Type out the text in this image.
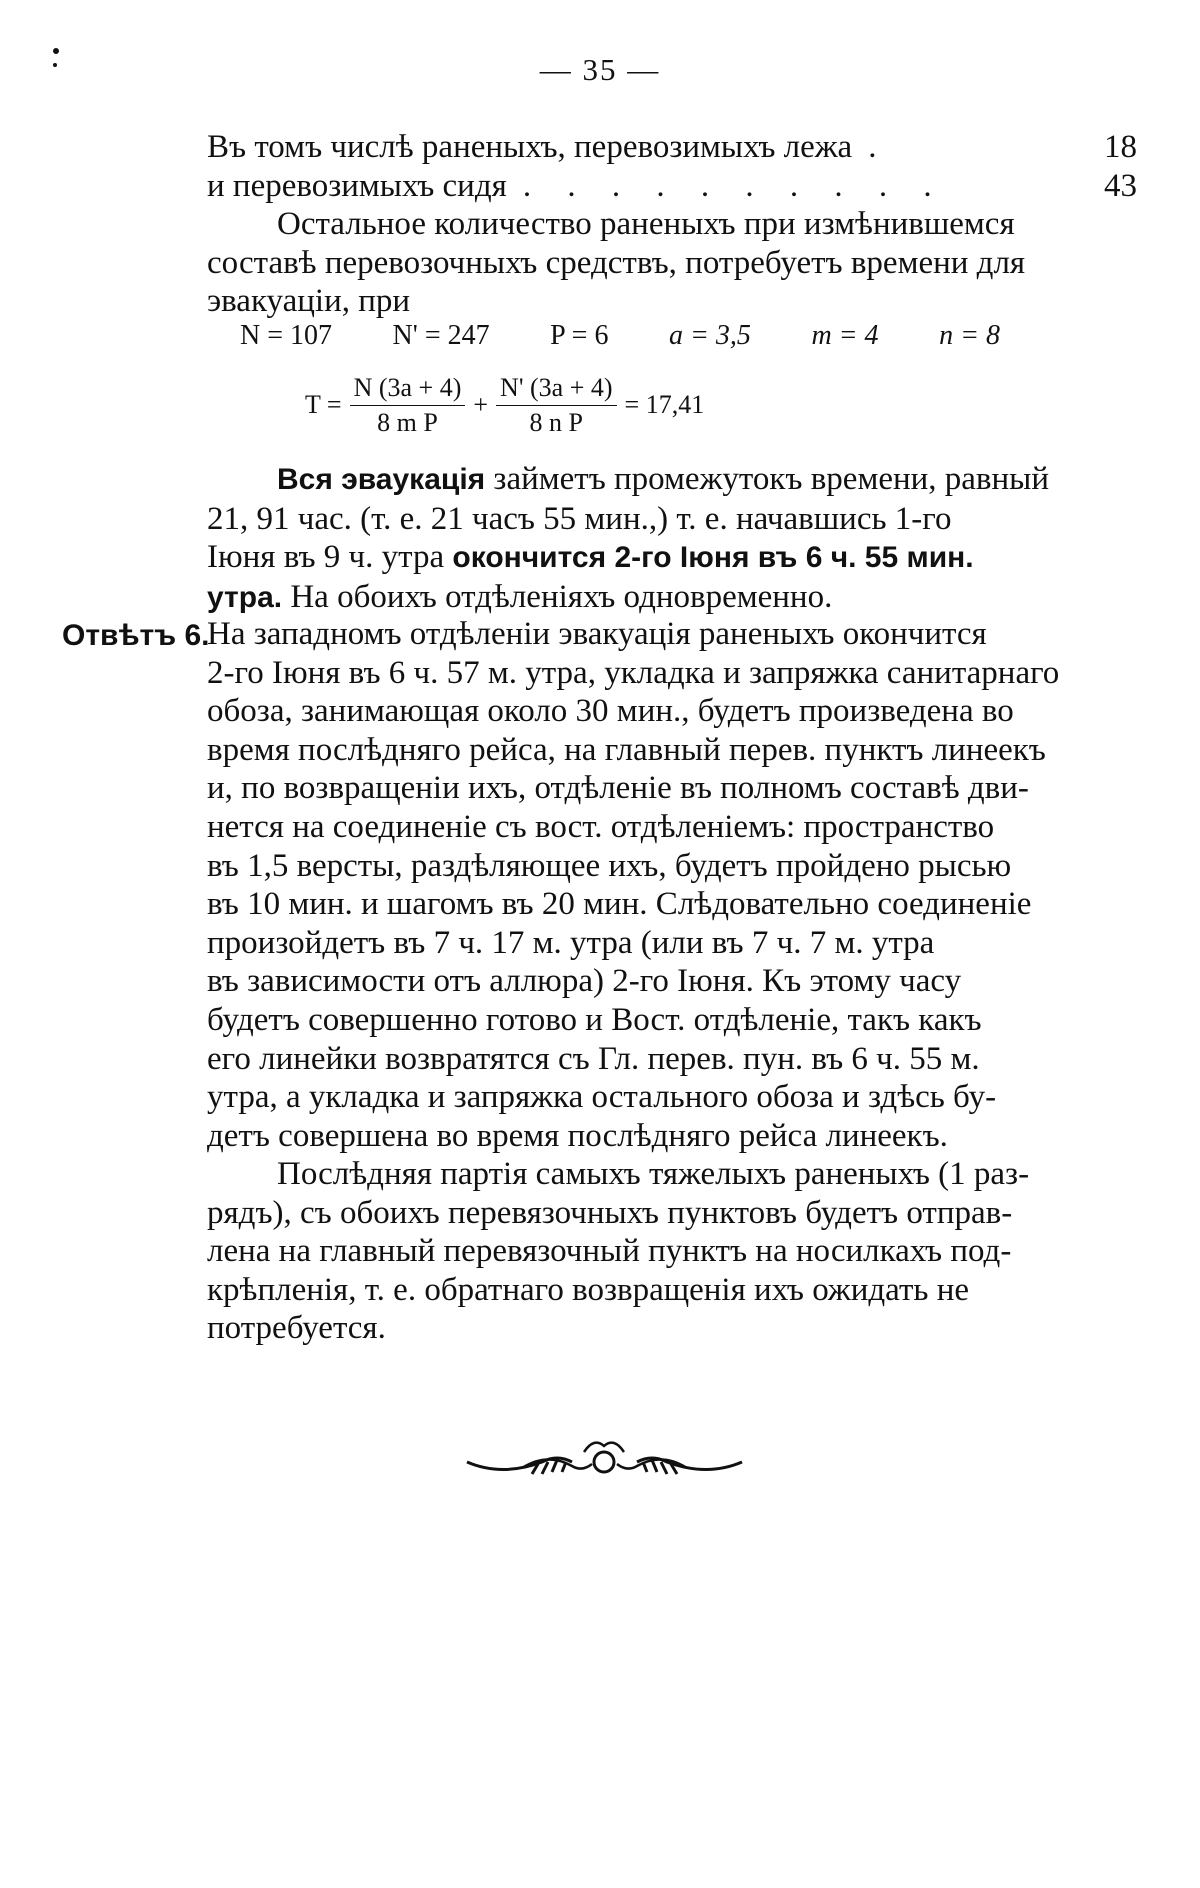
— 35 —
Въ томъ числѣ раненыхъ, перевозимыхъ лежа .	18
и перевозимыхъ сидя . . . . . . . . . .	43
Остальное количество раненыхъ при измѣнившемся
составѣ перевозочныхъ средствъ, потребуетъ времени для
эвакуаціи, при
N = 107 N' = 247 P = 6 a = 3,5 m = 4 n = 8
$T = \frac{N (3a + 4)}{\text{8 m P}} + \frac{N' (3a + 4)}{\text{8 n P}} = 17,41$
Вся эваукація займетъ промежутокъ времени, равный
21, 91 час. (т. е. 21 часъ 55 мин.,) т. е. начавшись 1-го
Іюня въ 9 ч. утра окончится 2-го Іюня въ 6 ч. 55 мин.
утра. На обоихъ отдѣленіяхъ одновременно.
Отвѣтъ 6.
На западномъ отдѣленіи эвакуація раненыхъ окончится
2-го Іюня въ 6 ч. 57 м. утра, укладка и запряжка санитарнаго
обоза, занимающая около 30 мин., будетъ произведена во
время послѣдняго рейса, на главный перев. пунктъ линеекъ
и, по возвращеніи ихъ, отдѣленіе въ полномъ составѣ дви-
нется на соединеніе съ вост. отдѣленіемъ: пространство
въ 1,5 версты, раздѣляющее ихъ, будетъ пройдено рысью
въ 10 мин. и шагомъ въ 20 мин. Слѣдовательно соединеніе
произойдетъ въ 7 ч. 17 м. утра (или въ 7 ч. 7 м. утра
въ зависимости отъ аллюра) 2-го Іюня. Къ этому часу
будетъ совершенно готово и Вост. отдѣленіе, такъ какъ
его линейки возвратятся съ Гл. перев. пун. въ 6 ч. 55 м.
утра, а укладка и запряжка остального обоза и здѣсь бу-
детъ совершена во время послѣдняго рейса линеекъ.
Послѣдняя партія самыхъ тяжелыхъ раненыхъ (1 раз-
рядъ), съ обоихъ перевязочныхъ пунктовъ будетъ отправ-
лена на главный перевязочный пунктъ на носилкахъ под-
крѣпленія, т. е. обратнаго возвращенія ихъ ожидать не
потребуется.
